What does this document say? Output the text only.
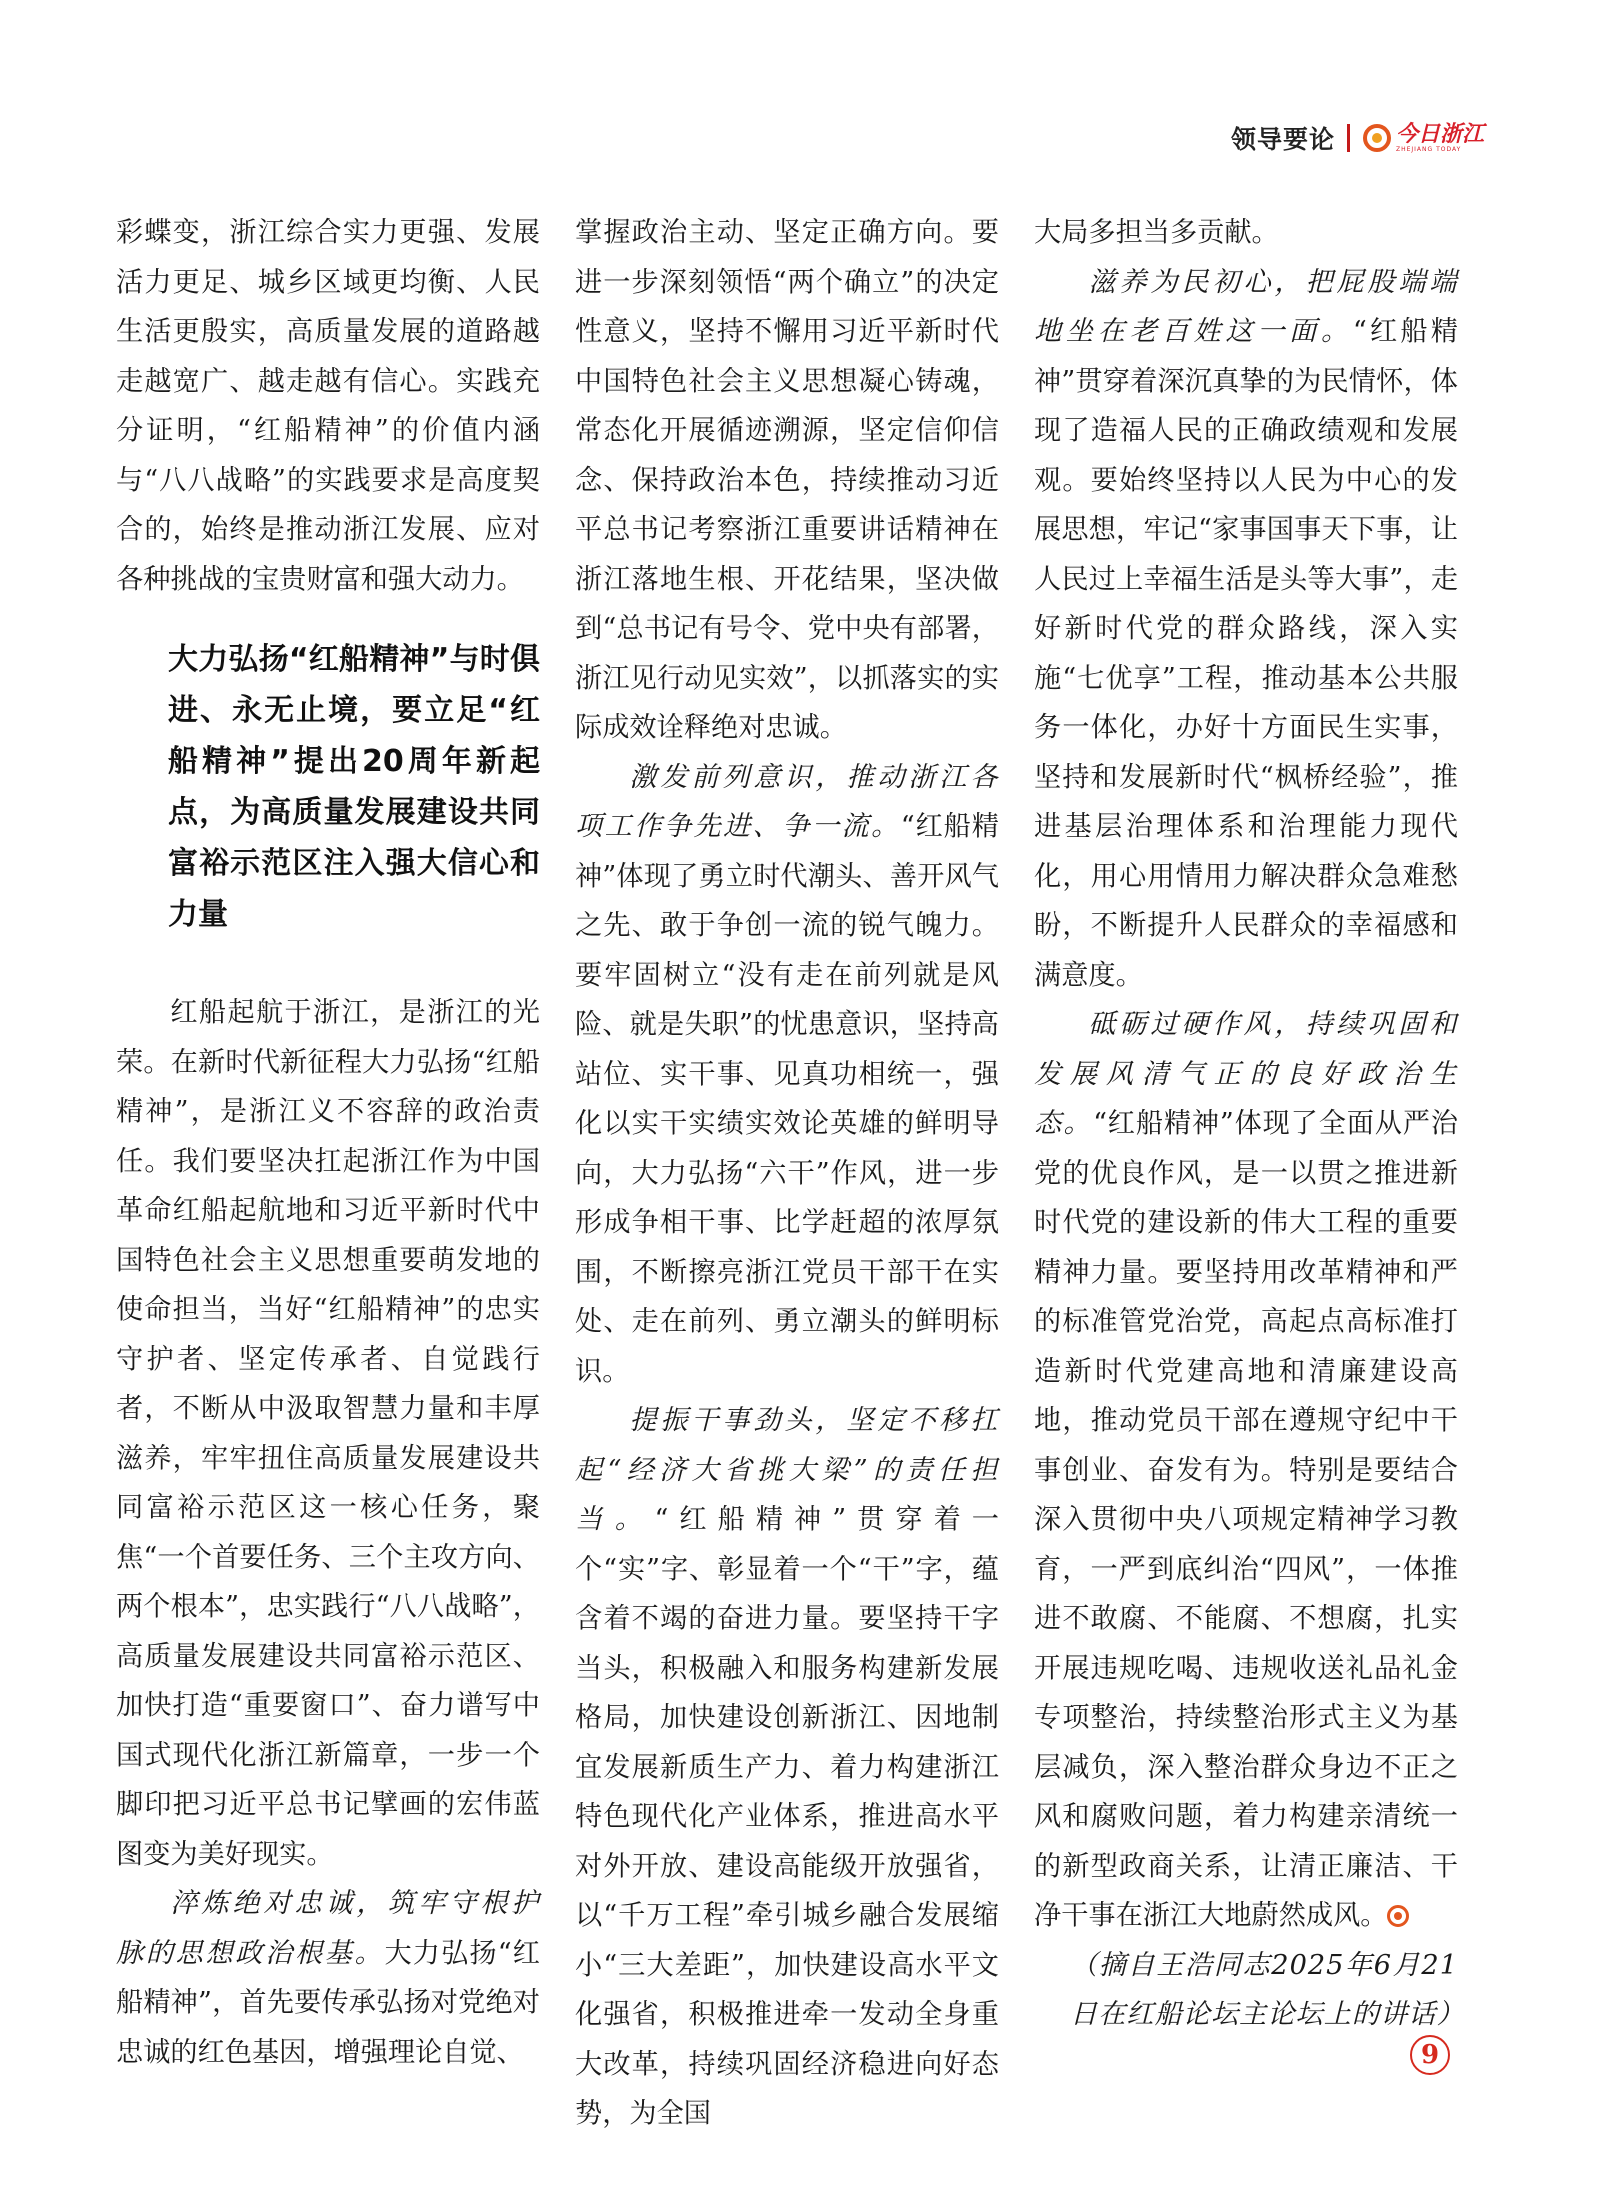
领导要论	今日浙江
ZHEJIANG TODAY

彩蝶变，浙江综合实力更强、发展活力更足、城乡区域更均衡、人民生活更殷实，高质量发展的道路越走越宽广、越走越有信心。实践充分证明，“红船精神”的价值内涵与“八八战略”的实践要求是高度契合的，始终是推动浙江发展、应对各种挑战的宝贵财富和强大动力。

大力弘扬“红船精神”与时俱进、永无止境，要立足“红船精神”提出20周年新起点，为高质量发展建设共同富裕示范区注入强大信心和力量

红船起航于浙江，是浙江的光荣。在新时代新征程大力弘扬“红船精神”，是浙江义不容辞的政治责任。我们要坚决扛起浙江作为中国革命红船起航地和习近平新时代中国特色社会主义思想重要萌发地的使命担当，当好“红船精神”的忠实守护者、坚定传承者、自觉践行者，不断从中汲取智慧力量和丰厚滋养，牢牢扭住高质量发展建设共同富裕示范区这一核心任务，聚焦“一个首要任务、三个主攻方向、两个根本”，忠实践行“八八战略”，高质量发展建设共同富裕示范区、加快打造“重要窗口”、奋力谱写中国式现代化浙江新篇章，一步一个脚印把习近平总书记擘画的宏伟蓝图变为美好现实。

淬炼绝对忠诚，筑牢守根护脉的思想政治根基。大力弘扬“红船精神”，首先要传承弘扬对党绝对忠诚的红色基因，增强理论自觉、

掌握政治主动、坚定正确方向。要进一步深刻领悟“两个确立”的决定性意义，坚持不懈用习近平新时代中国特色社会主义思想凝心铸魂，常态化开展循迹溯源，坚定信仰信念、保持政治本色，持续推动习近平总书记考察浙江重要讲话精神在浙江落地生根、开花结果，坚决做到“总书记有号令、党中央有部署，浙江见行动见实效”，以抓落实的实际成效诠释绝对忠诚。

激发前列意识，推动浙江各项工作争先进、争一流。“红船精神”体现了勇立时代潮头、善开风气之先、敢于争创一流的锐气魄力。要牢固树立“没有走在前列就是风险、就是失职”的忧患意识，坚持高站位、实干事、见真功相统一，强化以实干实绩实效论英雄的鲜明导向，大力弘扬“六干”作风，进一步形成争相干事、比学赶超的浓厚氛围，不断擦亮浙江党员干部干在实处、走在前列、勇立潮头的鲜明标识。

提振干事劲头，坚定不移扛起“经济大省挑大梁”的责任担当。“红船精神”贯穿着一个“实”字、彰显着一个“干”字，蕴含着不竭的奋进力量。要坚持干字当头，积极融入和服务构建新发展格局，加快建设创新浙江、因地制宜发展新质生产力、着力构建浙江特色现代化产业体系，推进高水平对外开放、建设高能级开放强省，以“千万工程”牵引城乡融合发展缩小“三大差距”，加快建设高水平文化强省，积极推进牵一发动全身重大改革，持续巩固经济稳进向好态势，为全国

大局多担当多贡献。

滋养为民初心，把屁股端端地坐在老百姓这一面。“红船精神”贯穿着深沉真挚的为民情怀，体现了造福人民的正确政绩观和发展观。要始终坚持以人民为中心的发展思想，牢记“家事国事天下事，让人民过上幸福生活是头等大事”，走好新时代党的群众路线，深入实施“七优享”工程，推动基本公共服务一体化，办好十方面民生实事，坚持和发展新时代“枫桥经验”，推进基层治理体系和治理能力现代化，用心用情用力解决群众急难愁盼，不断提升人民群众的幸福感和满意度。

砥砺过硬作风，持续巩固和发展风清气正的良好政治生态。“红船精神”体现了全面从严治党的优良作风，是一以贯之推进新时代党的建设新的伟大工程的重要精神力量。要坚持用改革精神和严的标准管党治党，高起点高标准打造新时代党建高地和清廉建设高地，推动党员干部在遵规守纪中干事创业、奋发有为。特别是要结合深入贯彻中央八项规定精神学习教育，一严到底纠治“四风”，一体推进不敢腐、不能腐、不想腐，扎实开展违规吃喝、违规收送礼品礼金专项整治，持续整治形式主义为基层减负，深入整治群众身边不正之风和腐败问题，着力构建亲清统一的新型政商关系，让清正廉洁、干净干事在浙江大地蔚然成风。

（摘自王浩同志2025年6月21日在红船论坛主论坛上的讲话）

9
